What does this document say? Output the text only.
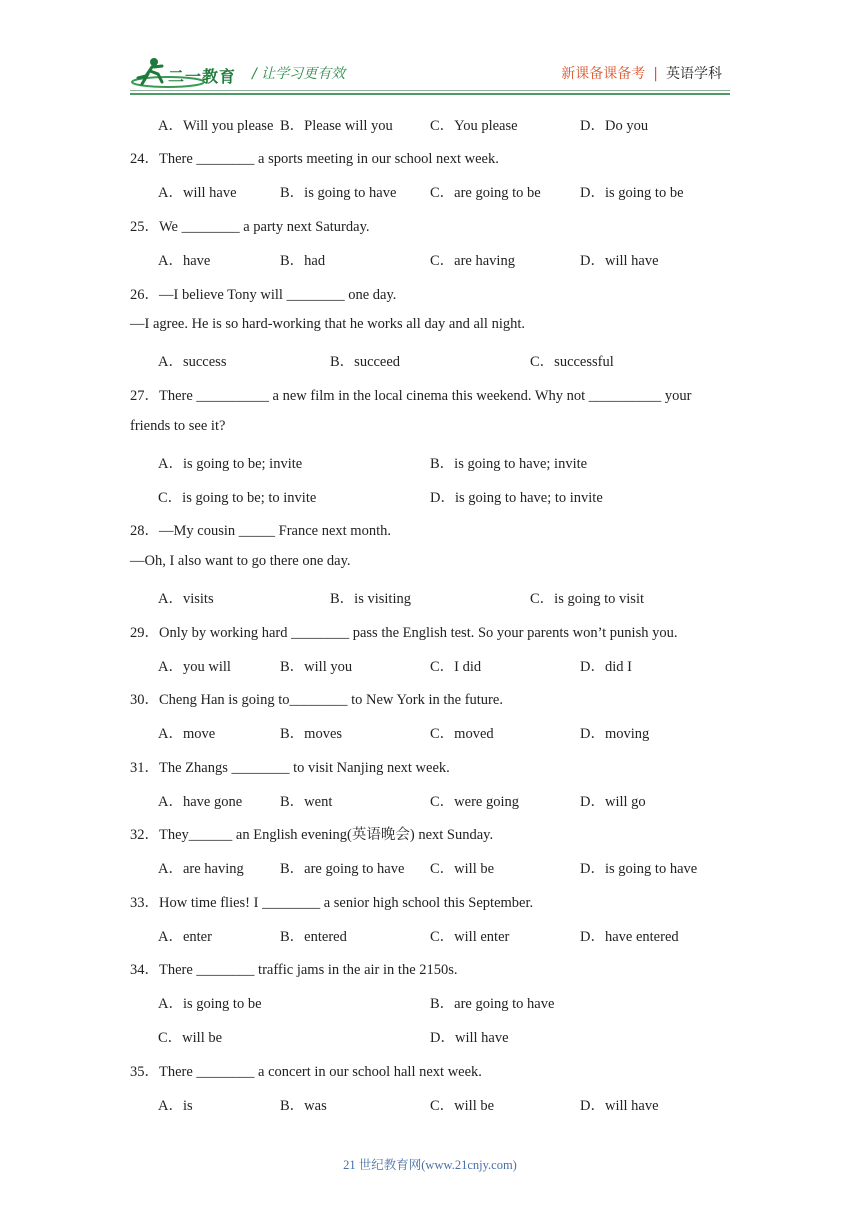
二一教育 / 让学习更有效	新课备课备考 | 英语学科
A．Will you please B．Please will you	C．You please	D．Do you
24．There ________ a sports meeting in our school next week.
A．will have	B．is going to have C．are going to be	D．is going to be
25．We ________ a party next Saturday.
A．have	B．had	C．are having	D．will have
26．—I believe Tony will ________ one day.
—I agree. He is so hard-working that he works all day and all night.
A．success	B．succeed	C．successful
27．There __________ a new film in the local cinema this weekend. Why not __________ your
friends to see it?
A．is going to be; invite	B．is going to have; invite
C．is going to be; to invite	D．is going to have; to invite
28．—My cousin _____ France next month.
—Oh, I also want to go there one day.
A．visits	B．is visiting	C．is going to visit
29．Only by working hard ________ pass the English test. So your parents won’t punish you.
A．you will	B．will you	C．I did	D．did I
30．Cheng Han is going to________ to New York in the future.
A．move	B．moves	C．moved	D．moving
31．The Zhangs ________ to visit Nanjing next week.
A．have gone	B．went	C．were going	D．will go
32．They______ an English evening(英语晚会) next Sunday.
A．are having B．are going to have C．will be	D．is going to have
33．How time flies! I ________ a senior high school this September.
A．enter	B．entered	C．will enter	D．have entered
34．There ________ traffic jams in the air in the 2150s.
A．is going to be	B．are going to have
C．will be	D．will have
35．There ________ a concert in our school hall next week.
A．is	B．was	C．will be	D．will have
21 世纪教育网(www.21cnjy.com)
